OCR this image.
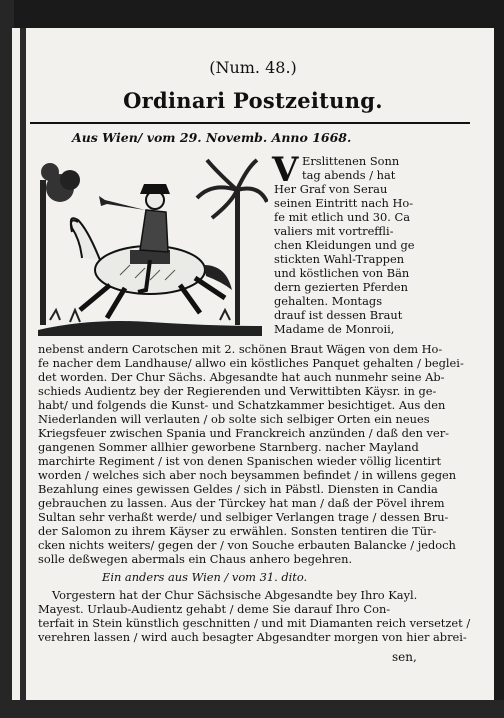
(Num. 48.)
Ordinari Postzeitung.
Aus Wien/ vom 29. Novemb. Anno 1668.
V Erslittenen Sonn
tag abends / hat
Her Graf von Serau
seinen Eintritt nach Ho-
fe mit etlich und 30. Ca
valiers mit vortreffli-
chen Kleidungen und ge
stickten Wahl-Trappen
und köstlichen von Bän
dern gezierten Pferden
gehalten. Montags
drauf ist dessen Braut
Madame de Monroii,
nebenst andern Carotschen mit 2. schönen Braut Wägen von dem Ho-
fe nacher dem Landhause/ allwo ein köstliches Panquet gehalten / beglei-
det worden. Der Chur Sächs. Abgesandte hat auch nunmehr seine Ab-
schieds Audientz bey der Regierenden und Verwittibten Käysr. in ge-
habt/ und folgends die Kunst- und Schatzkammer besichtiget. Aus den
Niederlanden will verlauten / ob solte sich selbiger Orten ein neues
Kriegsfeuer zwischen Spania und Franckreich anzünden / daß den ver-
gangenen Sommer allhier geworbene Starnberg. nacher Mayland
marchirte Regiment / ist von denen Spanischen wieder völlig licentirt
worden / welches sich aber noch beysammen befindet / in willens gegen
Bezahlung eines gewissen Geldes / sich in Päbstl. Diensten in Candia
gebrauchen zu lassen. Aus der Türckey hat man / daß der Pövel ihrem
Sultan sehr verhaßt werde/ und selbiger Verlangen trage / dessen Bru-
der Salomon zu ihrem Käyser zu erwählen. Sonsten tentiren die Tür-
cken nichts weiters/ gegen der / von Souche erbauten Balancke / jedoch
solle deßwegen abermals ein Chaus anhero begehren.
Ein anders aus Wien / vom 31. dito.
Vorgestern hat der Chur Sächsische Abgesandte bey Ihro Kayl.
Mayest. Urlaub-Audientz gehabt / deme Sie darauf Ihro Con-
terfait in Stein künstlich geschnitten / und mit Diamanten reich versetzet /
verehren lassen / wird auch besagter Abgesandter morgen von hier abrei-
sen,
